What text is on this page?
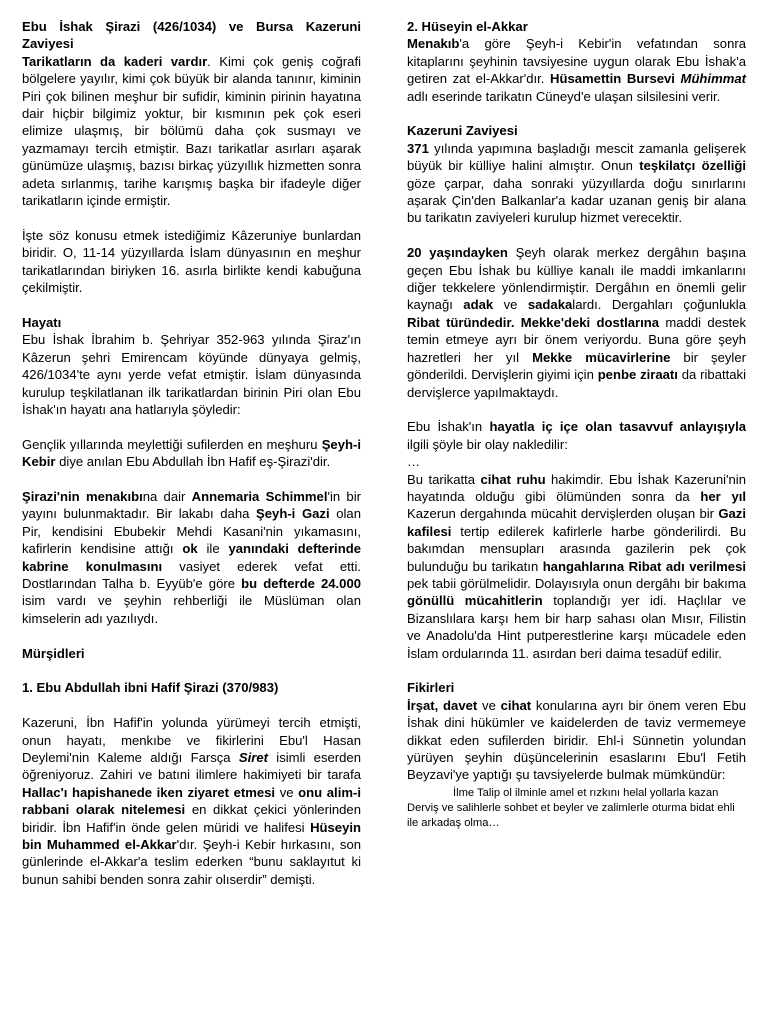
Ebu İshak Şirazi (426/1034) ve Bursa Kazeruni Zaviyesi

Tarikatların da kaderi vardır. Kimi çok geniş coğrafi bölgelere yayılır, kimi çok büyük bir alanda tanınır, kiminin Piri çok bilinen meşhur bir sufidir, kiminin pirinin hayatına dair hiçbir bilgimiz yoktur, bir kısmının pek çok eseri elimize ulaşmış, bir bölümü daha çok susmayı ve yazmamayı tercih etmiştir. Bazı tarikatlar asırları aşarak günümüze ulaşmış, bazısı birkaç yüzyıllık hizmetten sonra adeta sırlanmış, tarihe karışmış başka bir ifadeyle diğer tarikatların içinde ermiştir.

İşte söz konusu etmek istediğimiz Kâzeruniye bunlardan biridir. O, 11-14 yüzyıllarda İslam dünyasının en meşhur tarikatlarından biriyken 16. asırla birlikte kendi kabuğuna çekilmiştir.

Hayatı

Ebu İshak İbrahim b. Şehriyar 352-963 yılında Şiraz'ın Kâzerun şehri Emirencam köyünde dünyaya gelmiş, 426/1034'te aynı yerde vefat etmiştir. İslam dünyasında kurulup teşkilatlanan ilk tarikatlardan birinin Piri olan Ebu İshak'ın hayatı ana hatlarıyla şöyledir:

Gençlik yıllarında meylettiği sufilerden en meşhuru Şeyh-i Kebir diye anılan Ebu Abdullah İbn Hafif eş-Şirazi'dir.

Şirazi'nin menakıbına dair Annemaria Schimmel'in bir yayını bulunmaktadır. Bir lakabı daha Şeyh-i Gazi olan Pir, kendisini Ebubekir Mehdi Kasani'nin yıkamasını, kafirlerin kendisine attığı ok ile yanındaki defterinde kabrine konulmasını vasiyet ederek vefat etti. Dostlarından Talha b. Eyyüb'e göre bu defterde 24.000 isim vardı ve şeyhin rehberliği ile Müslüman olan kimselerin adı yazılıydı.

Mürşidleri

1. Ebu Abdullah ibni Hafif Şirazi (370/983)

Kazeruni, İbn Hafif'in yolunda yürümeyi tercih etmişti, onun hayatı, menkıbe ve fikirlerini Ebu'l Hasan Deylemi'nin Kaleme aldığı Farsça Siret isimli eserden öğreniyoruz. Zahiri ve batıni ilimlere hakimiyeti bir tarafa Hallac'ı hapishanede iken ziyaret etmesi ve onu alim-i rabbani olarak nitelemesi en dikkat çekici yönlerinden biridir. İbn Hafif'in önde gelen müridi ve halifesi Hüseyin bin Muhammed el-Akkar'dır. Şeyh-i Kebir hırkasını, son günlerinde el-Akkar'a teslim ederken “bunu saklayıtut ki bunun sahibi benden sonra zahir olıserdir” demişti.

2. Hüseyin el-Akkar

Menakıb'a göre Şeyh-i Kebir'in vefatından sonra kitaplarını şeyhinin tavsiyesine uygun olarak Ebu İshak'a getiren zat el-Akkar'dır. Hüsamettin Bursevi Mühimmat adlı eserinde tarikatın Cüneyd'e ulaşan silsilesini verir.

Kazeruni Zaviyesi

371 yılında yapımına başladığı mescit zamanla gelişerek büyük bir külliye halini almıştır. Onun teşkilatçı özelliği göze çarpar, daha sonraki yüzyıllarda doğu sınırlarını aşarak Çin'den Balkanlar'a kadar uzanan geniş bir alana bu tarikatın zaviyeleri kurulup hizmet verecektir.

20 yaşındayken Şeyh olarak merkez dergâhın başına geçen Ebu İshak bu külliye kanalı ile maddi imkanlarını diğer tekkelere yönlendirmiştir. Dergâhın en önemli gelir kaynağı adak ve sadakalardı. Dergahları çoğunlukla Ribat türündedir. Mekke'deki dostlarına maddi destek temin etmeye ayrı bir önem veriyordu. Buna göre şeyh hazretleri her yıl Mekke mücavirlerine bir şeyler gönderildi. Dervişlerin giyimi için penbe ziraatı da ribattaki dervişlerce yapılmaktaydı.

Ebu İshak'ın hayatla iç içe olan tasavvuf anlayışıyla ilgili şöyle bir olay nakledilir:

…

Bu tarikatta cihat ruhu hakimdir. Ebu İshak Kazeruni'nin hayatında olduğu gibi ölümünden sonra da her yıl Kazerun dergahında mücahit dervişlerden oluşan bir Gazi kafilesi tertip edilerek kafirlerle harbe gönderilirdi. Bu bakımdan mensupları arasında gazilerin pek çok bulunduğu bu tarikatın hangahlarına Ribat adı verilmesi pek tabii görülmelidir. Dolayısıyla onun dergâhı bir bakıma gönüllü mücahitlerin toplandığı yer idi. Haçlılar ve Bizanslılara karşı hem bir harp sahası olan Mısır, Filistin ve Anadolu'da Hint putperestlerine karşı mücadele eden İslam ordularında 11. asırdan beri daima tesadüf edilir.

Fikirleri

İrşat, davet ve cihat konularına ayrı bir önem veren Ebu İshak dini hükümler ve kaidelerden de taviz vermemeye dikkat eden sufilerden biridir. Ehl-i Sünnetin yolundan yürüyen şeyhin düşüncelerinin esaslarını Ebu'l Fetih Beyzavi'ye yaptığı şu tavsiyelerde bulmak mümkündür:

İlme Talip ol ilminle amel et rızkını helal yollarla kazan Derviş ve salihlerle sohbet et beyler ve zalimlerle oturma bidat ehli ile arkadaş olma…
